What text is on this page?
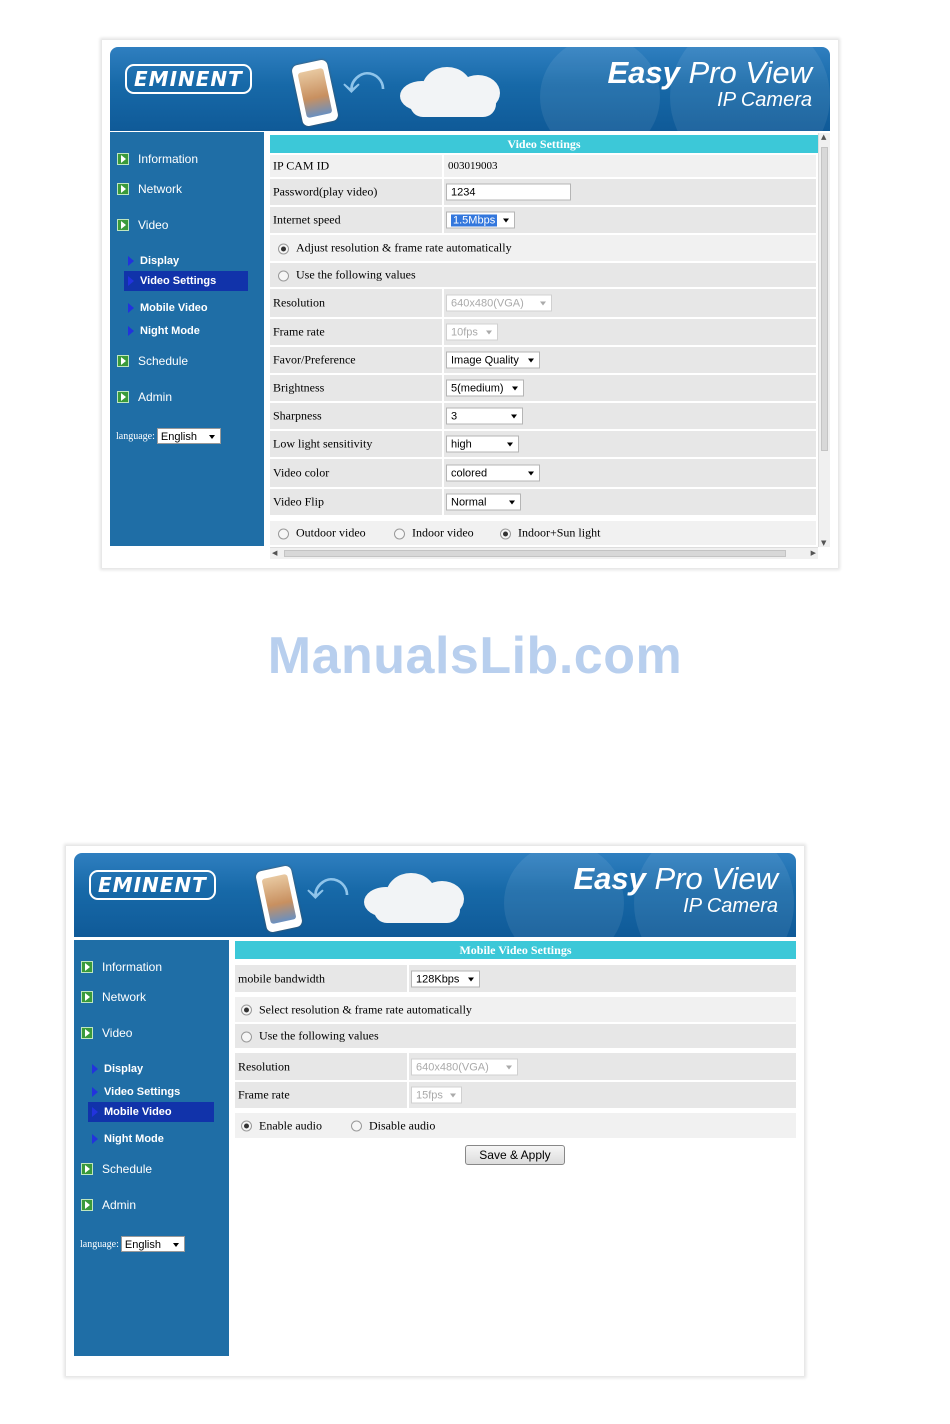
EMINENT ⤺	Easy Pro View
IP Camera
Information
Network
Video
Display
Video Settings
Mobile Video
Night Mode
Schedule
Admin
language: English
Video Settings
IP CAM ID	003019003
Password(play video)	1234
Internet speed	1.5Mbps
Adjust resolution & frame rate automatically
Use the following values
Resolution	640x480(VGA)
Frame rate	10fps
Favor/Preference	Image Quality
Brightness	5(medium)
Sharpness	3
Low light sensitivity	high
Video color	colored
Video Flip	Normal
Outdoor video	Indoor video	Indoor+Sun light
▲
▼
◀	▶
ManualsLib.com
EMINENT ⤺	Easy Pro View
IP Camera
Information
Network
Video
Display
Video Settings
Mobile Video
Night Mode
Schedule
Admin
language: English
Mobile Video Settings
mobile bandwidth	128Kbps
Select resolution & frame rate automatically
Use the following values
Resolution	640x480(VGA)
Frame rate	15fps
Enable audio	Disable audio
Save & Apply
